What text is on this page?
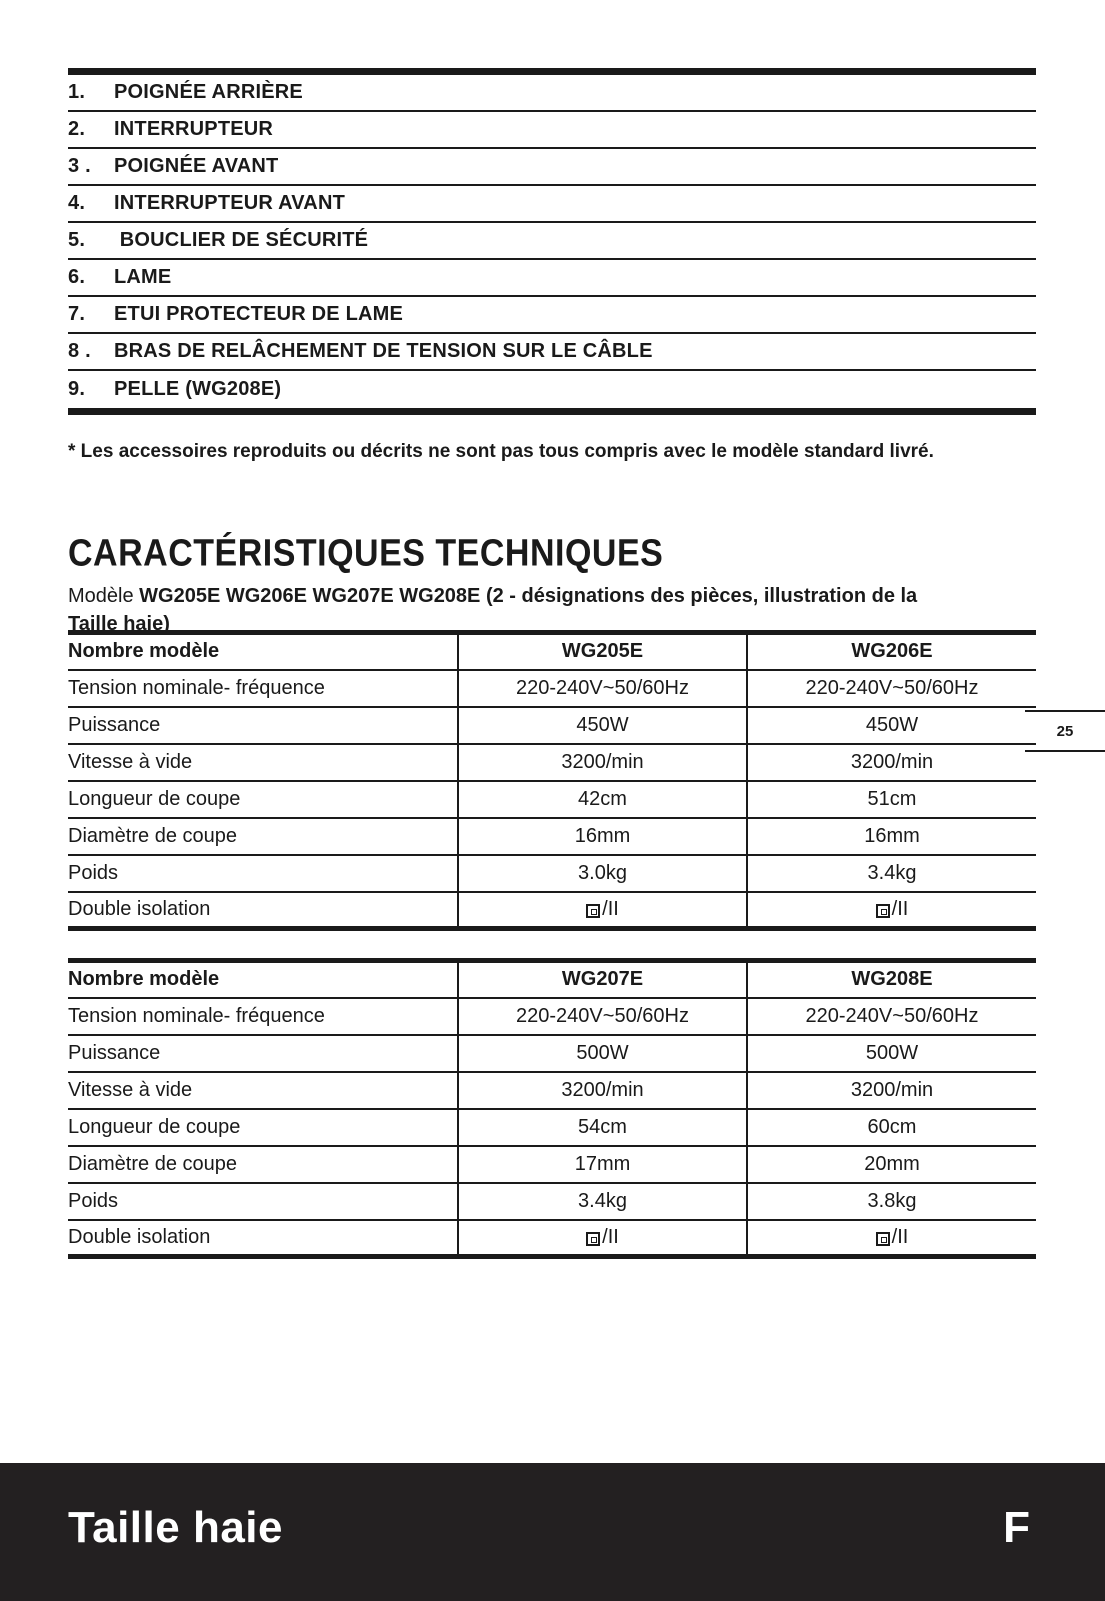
1.	POIGNÉE ARRIÈRE
2.	INTERRUPTEUR
3 .	POIGNÉE AVANT
4.	INTERRUPTEUR AVANT
5.	BOUCLIER DE SÉCURITÉ
6.	LAME
7.	ETUI PROTECTEUR DE LAME
8 .	BRAS DE RELÂCHEMENT DE TENSION SUR LE CÂBLE
9.	PELLE (WG208E)
* Les accessoires reproduits ou décrits ne sont pas tous compris avec le modèle standard livré.
CARACTÉRISTIQUES TECHNIQUES
Modèle WG205E WG206E WG207E WG208E (2 - désignations des pièces, illustration de la Taille haie)
Nombre modèle	WG205E	WG206E
Tension nominale- fréquence	220-240V~50/60Hz	220-240V~50/60Hz
Puissance	450W	450W
Vitesse à vide	3200/min	3200/min
Longueur de coupe	42cm	51cm
Diamètre de coupe	16mm	16mm
Poids	3.0kg	3.4kg
Double isolation	/II	/II
Nombre modèle	WG207E	WG208E
Tension nominale- fréquence	220-240V~50/60Hz	220-240V~50/60Hz
Puissance	500W	500W
Vitesse à vide	3200/min	3200/min
Longueur de coupe	54cm	60cm
Diamètre de coupe	17mm	20mm
Poids	3.4kg	3.8kg
Double isolation	/II	/II
25
Taille haie	F
